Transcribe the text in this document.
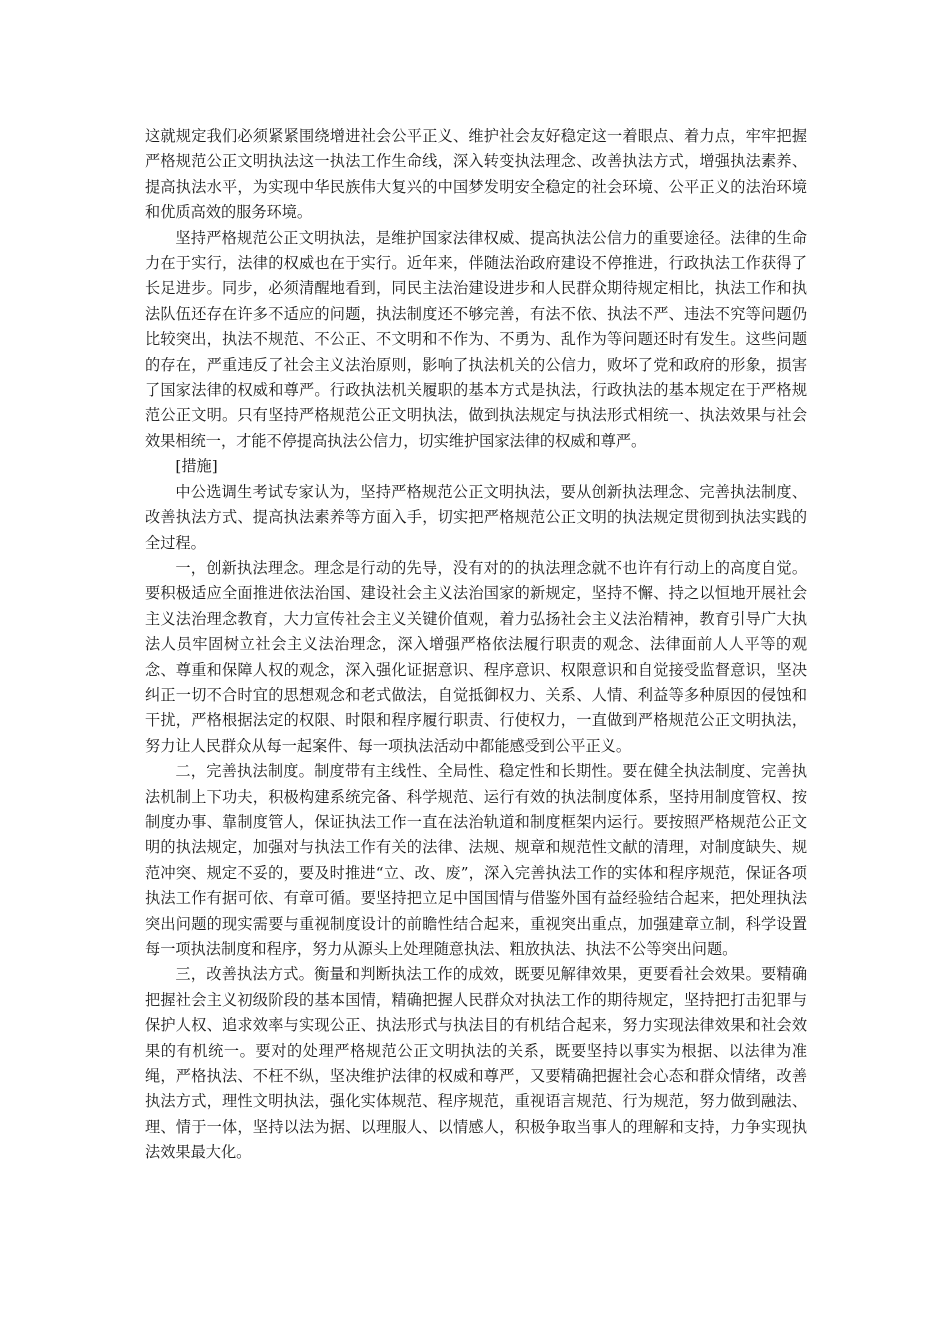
这就规定我们必须紧紧围绕增进社会公平正义、维护社会友好稳定这一着眼点、着力点，牢牢把握严格规范公正文明执法这一执法工作生命线，深入转变执法理念、改善执法方式，增强执法素养、提高执法水平，为实现中华民族伟大复兴的中国梦发明安全稳定的社会环境、公平正义的法治环境和优质高效的服务环境。

坚持严格规范公正文明执法，是维护国家法律权威、提高执法公信力的重要途径。法律的生命力在于实行，法律的权威也在于实行。近年来，伴随法治政府建设不停推进，行政执法工作获得了长足进步。同步，必须清醒地看到，同民主法治建设进步和人民群众期待规定相比，执法工作和执法队伍还存在许多不适应的问题，执法制度还不够完善，有法不依、执法不严、违法不究等问题仍比较突出，执法不规范、不公正、不文明和不作为、不勇为、乱作为等问题还时有发生。这些问题的存在，严重违反了社会主义法治原则，影响了执法机关的公信力，败坏了党和政府的形象，损害了国家法律的权威和尊严。行政执法机关履职的基本方式是执法，行政执法的基本规定在于严格规范公正文明。只有坚持严格规范公正文明执法，做到执法规定与执法形式相统一、执法效果与社会效果相统一，才能不停提高执法公信力，切实维护国家法律的权威和尊严。

[措施]

中公选调生考试专家认为，坚持严格规范公正文明执法，要从创新执法理念、完善执法制度、改善执法方式、提高执法素养等方面入手，切实把严格规范公正文明的执法规定贯彻到执法实践的全过程。

一，创新执法理念。理念是行动的先导，没有对的的执法理念就不也许有行动上的高度自觉。要积极适应全面推进依法治国、建设社会主义法治国家的新规定，坚持不懈、持之以恒地开展社会主义法治理念教育，大力宣传社会主义关键价值观，着力弘扬社会主义法治精神，教育引导广大执法人员牢固树立社会主义法治理念，深入增强严格依法履行职责的观念、法律面前人人平等的观念、尊重和保障人权的观念，深入强化证据意识、程序意识、权限意识和自觉接受监督意识，坚决纠正一切不合时宜的思想观念和老式做法，自觉抵御权力、关系、人情、利益等多种原因的侵蚀和干扰，严格根据法定的权限、时限和程序履行职责、行使权力，一直做到严格规范公正文明执法，努力让人民群众从每一起案件、每一项执法活动中都能感受到公平正义。

二，完善执法制度。制度带有主线性、全局性、稳定性和长期性。要在健全执法制度、完善执法机制上下功夫，积极构建系统完备、科学规范、运行有效的执法制度体系，坚持用制度管权、按制度办事、靠制度管人，保证执法工作一直在法治轨道和制度框架内运行。要按照严格规范公正文明的执法规定，加强对与执法工作有关的法律、法规、规章和规范性文献的清理，对制度缺失、规范冲突、规定不妥的，要及时推进“立、改、废”，深入完善执法工作的实体和程序规范，保证各项执法工作有据可依、有章可循。要坚持把立足中国国情与借鉴外国有益经验结合起来，把处理执法突出问题的现实需要与重视制度设计的前瞻性结合起来，重视突出重点，加强建章立制，科学设置每一项执法制度和程序，努力从源头上处理随意执法、粗放执法、执法不公等突出问题。

三，改善执法方式。衡量和判断执法工作的成效，既要见解律效果，更要看社会效果。要精确把握社会主义初级阶段的基本国情，精确把握人民群众对执法工作的期待规定，坚持把打击犯罪与保护人权、追求效率与实现公正、执法形式与执法目的有机结合起来，努力实现法律效果和社会效果的有机统一。要对的处理严格规范公正文明执法的关系，既要坚持以事实为根据、以法律为准绳，严格执法、不枉不纵，坚决维护法律的权威和尊严，又要精确把握社会心态和群众情绪，改善执法方式，理性文明执法，强化实体规范、程序规范，重视语言规范、行为规范，努力做到融法、理、情于一体，坚持以法为据、以理服人、以情感人，积极争取当事人的理解和支持，力争实现执法效果最大化。
